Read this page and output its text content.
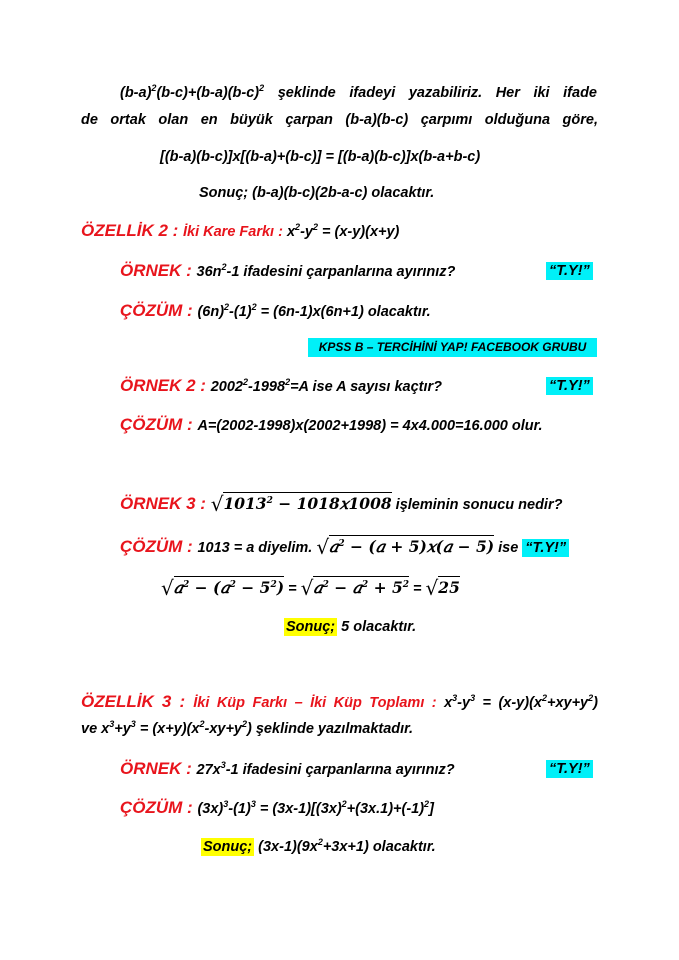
$(b-a)^2(b-c)+(b-a)(b-c)^2$ şeklinde ifadeyi yazabiliriz. Her iki ifade
de ortak olan en büyük çarpan (b-a)(b-c) çarpımı olduğuna göre,
[(b-a)(b-c)]x[(b-a)+(b-c)] = [(b-a)(b-c)]x(b-a+b-c)
Sonuç; (b-a)(b-c)(2b-a-c) olacaktır.
ÖZELLİK 2 : İki Kare Farkı : $x^2-y^2 = (x-y)(x+y)$
ÖRNEK : $36n^2-1$ ifadesini çarpanlarına ayırınız?	“T.Y!”
ÇÖZÜM : $(6n)^2-(1)^2 = (6n-1)x(6n+1)$ olacaktır.
KPSS B – TERCİHİNİ YAP! FACEBOOK GRUBU
ÖRNEK 2 : $2002^2-1998^2=A$ ise A sayısı kaçtır?	“T.Y!”
ÇÖZÜM : A=(2002-1998)x(2002+1998) = 4x4.000=16.000 olur.
ÖRNEK 3 : $√1013^2$ − 1018𝑥1008 işleminin sonucu nedir?
ÇÖZÜM : 1013 = a diyelim. √𝑎$^2$ − (𝑎 + 5)𝑥(𝑎 − 5) ise “T.Y!”
√𝑎$^2$ − (𝑎$^2$ − $5^2$) = √𝑎$^2$ − 𝑎$^2$ + $5^2 = √25$
Sonuç; 5 olacaktır.
ÖZELLİK 3 : İki Küp Farkı – İki Küp Toplamı : $x^3-y^3 = (x-y)(x^2+xy+y^2)$
ve $x^3+y^3 = (x+y)(x^2-xy+y^2)$ şeklinde yazılmaktadır.
ÖRNEK : $27x^3-1$ ifadesini çarpanlarına ayırınız?	“T.Y!”
ÇÖZÜM : $(3x)^3-(1)^3 = (3x-1)[(3x)^2+(3x.1)+(-1)^2]$
Sonuç; $(3x-1)(9x^2+3x+1)$ olacaktır.
